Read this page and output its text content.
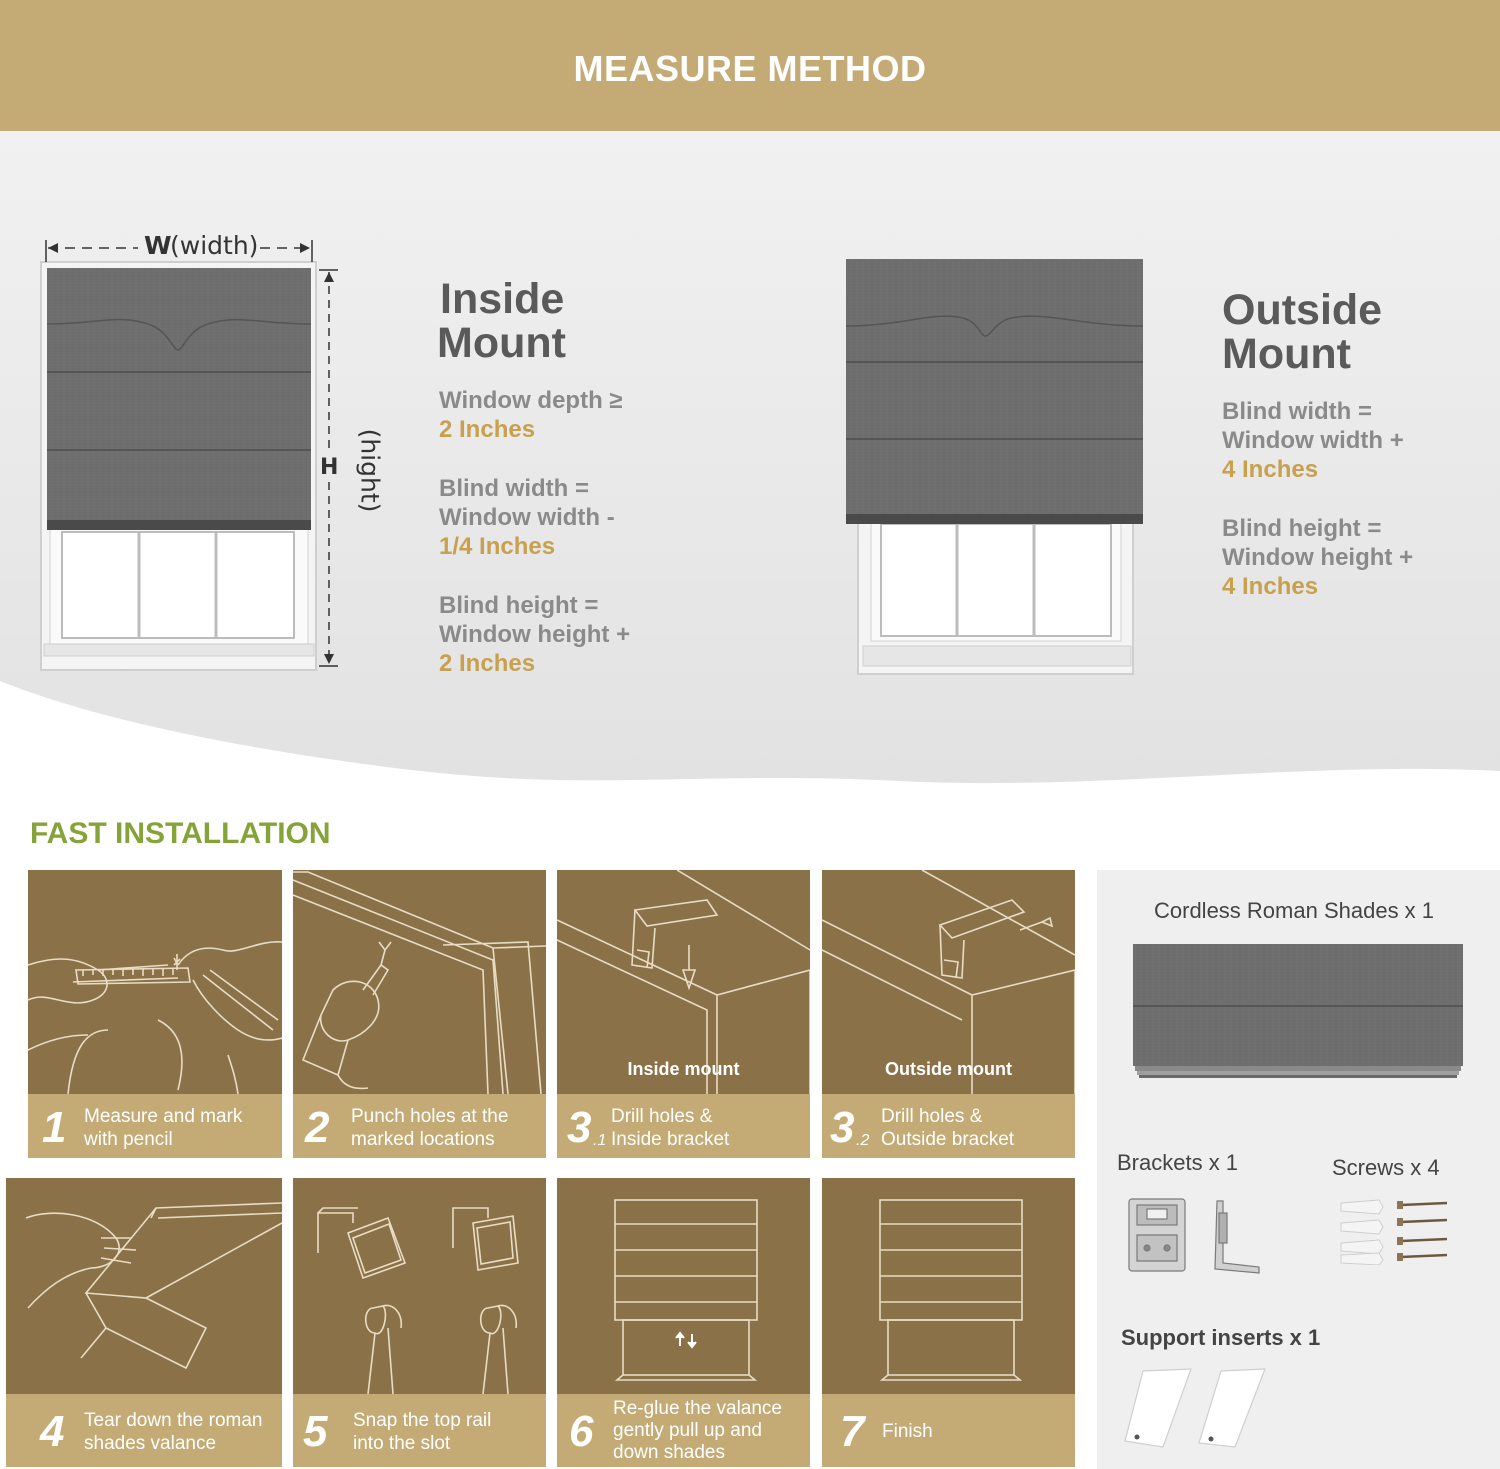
MEASURE METHOD
W
(width)
H (hight)
Inside
Mount
Window depth ≥
2 Inches
Blind width =
Window width -
1/4 Inches
Blind height =
Window height +
2 Inches
Outside
Mount
Blind width =
Window width +
4 Inches
Blind height =
Window height +
4 Inches
FAST INSTALLATION
1 Measure and mark
with pencil	2 Punch holes at the
marked locations
Inside mount
3 .1
Drill holes &
Inside bracket
Outside mount
3 .2
Drill holes &
Outside bracket
4 Tear down the roman
shades valance	5 Snap the top rail
into the slot	6 Re-glue the valance
gently pull up and
down shades	7 Finish
Cordless Roman Shades x 1
Brackets x 1	Screws x 4
Support inserts x 1
